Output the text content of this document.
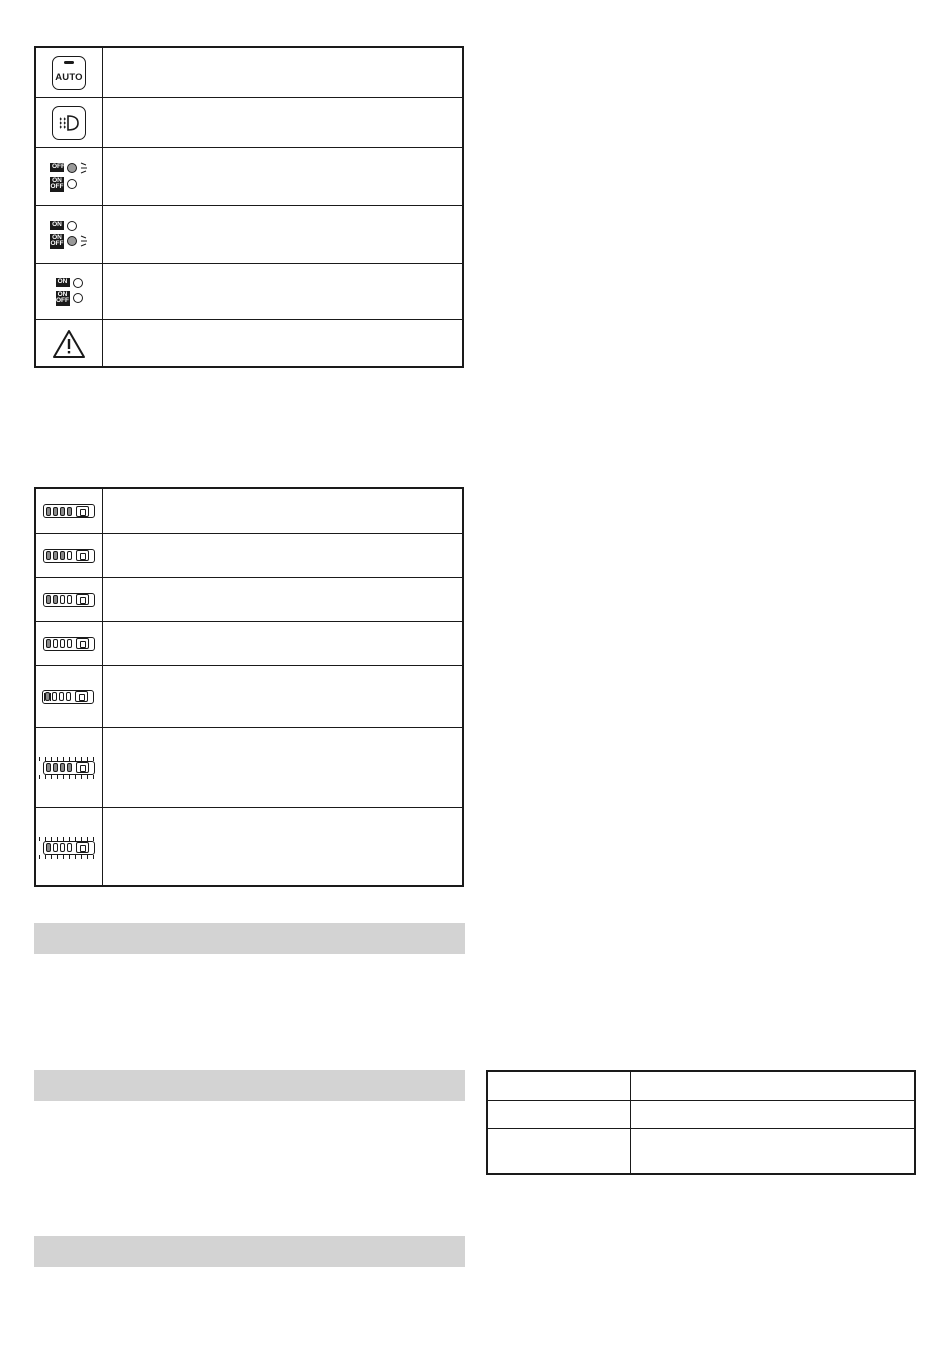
AUTO
OFF
ON
OFF
ON
ON
OFF
ON
ON
OFF
